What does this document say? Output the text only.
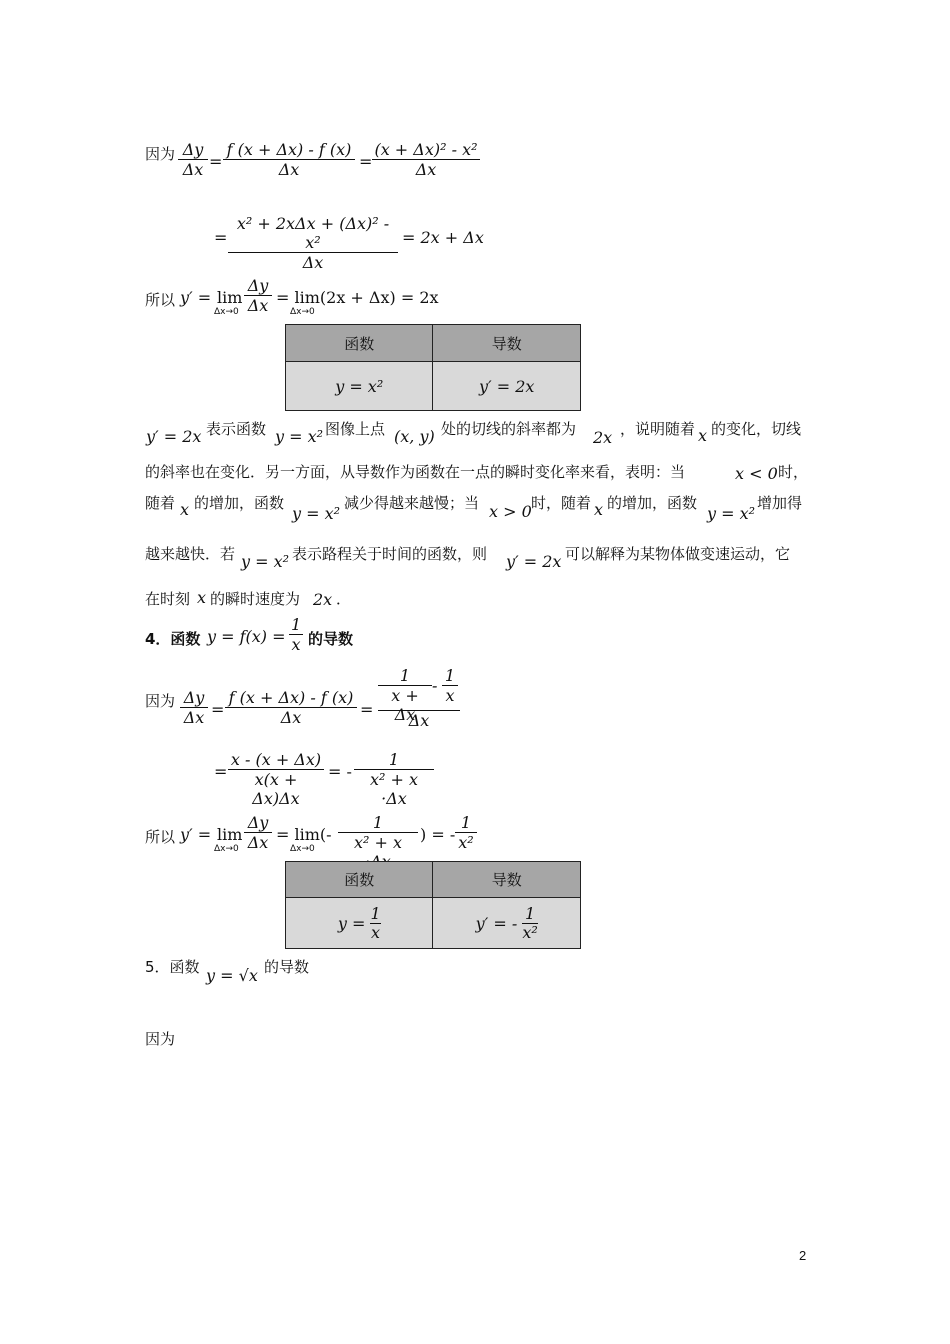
因为 Δy
Δx =
f (x + Δx) - f (x)
Δx	=
(x + Δx)² - x²
Δx
=
x² + 2xΔx + (Δx)² - x²
Δx
= 2x + Δx
所以 y′ = lim
Δx→0
Δy
Δx = lim(2x + Δx) = 2x
Δx→0
函数	导数
y = x²	y′ = 2x
y′ = 2x 表示函数 y = x² 图像上点 (x, y) 处的切线的斜率都为 2x ，说明随着 x 的变化，切线
的斜率也在变化．另一方面，从导数作为函数在一点的瞬时变化率来看，表明：当	x < 0 时，
随着 x 的增加，函数
y = x²
减少得越来越慢；当 x > 0 时，随着 x 的增加，函数
y = x²
增加得
越来越快．若 y = x² 表示路程关于时间的函数，则 y′ = 2x 可以解释为某物体做变速运动，它
在时刻 x 的瞬时速度为 2x ．
4．函数 y = f(x) =
1
x 的导数
因为 Δy
Δx =
f (x + Δx) - f (x)
Δx	=
1
x + Δx
-
1
x
Δx
=
x - (x + Δx)
x(x + Δx)Δx
= -
1
x² + x ·Δx
所以 y′ = lim
Δx→0
Δy
Δx = lim(-
Δx→0
1
x² + x	) = -
1
x²
函数	导数
$y = \frac{1}{x}$	y′ = - $\frac{1}{\text{x²}}$
5．函数 y = √x 的导数
因为
2
